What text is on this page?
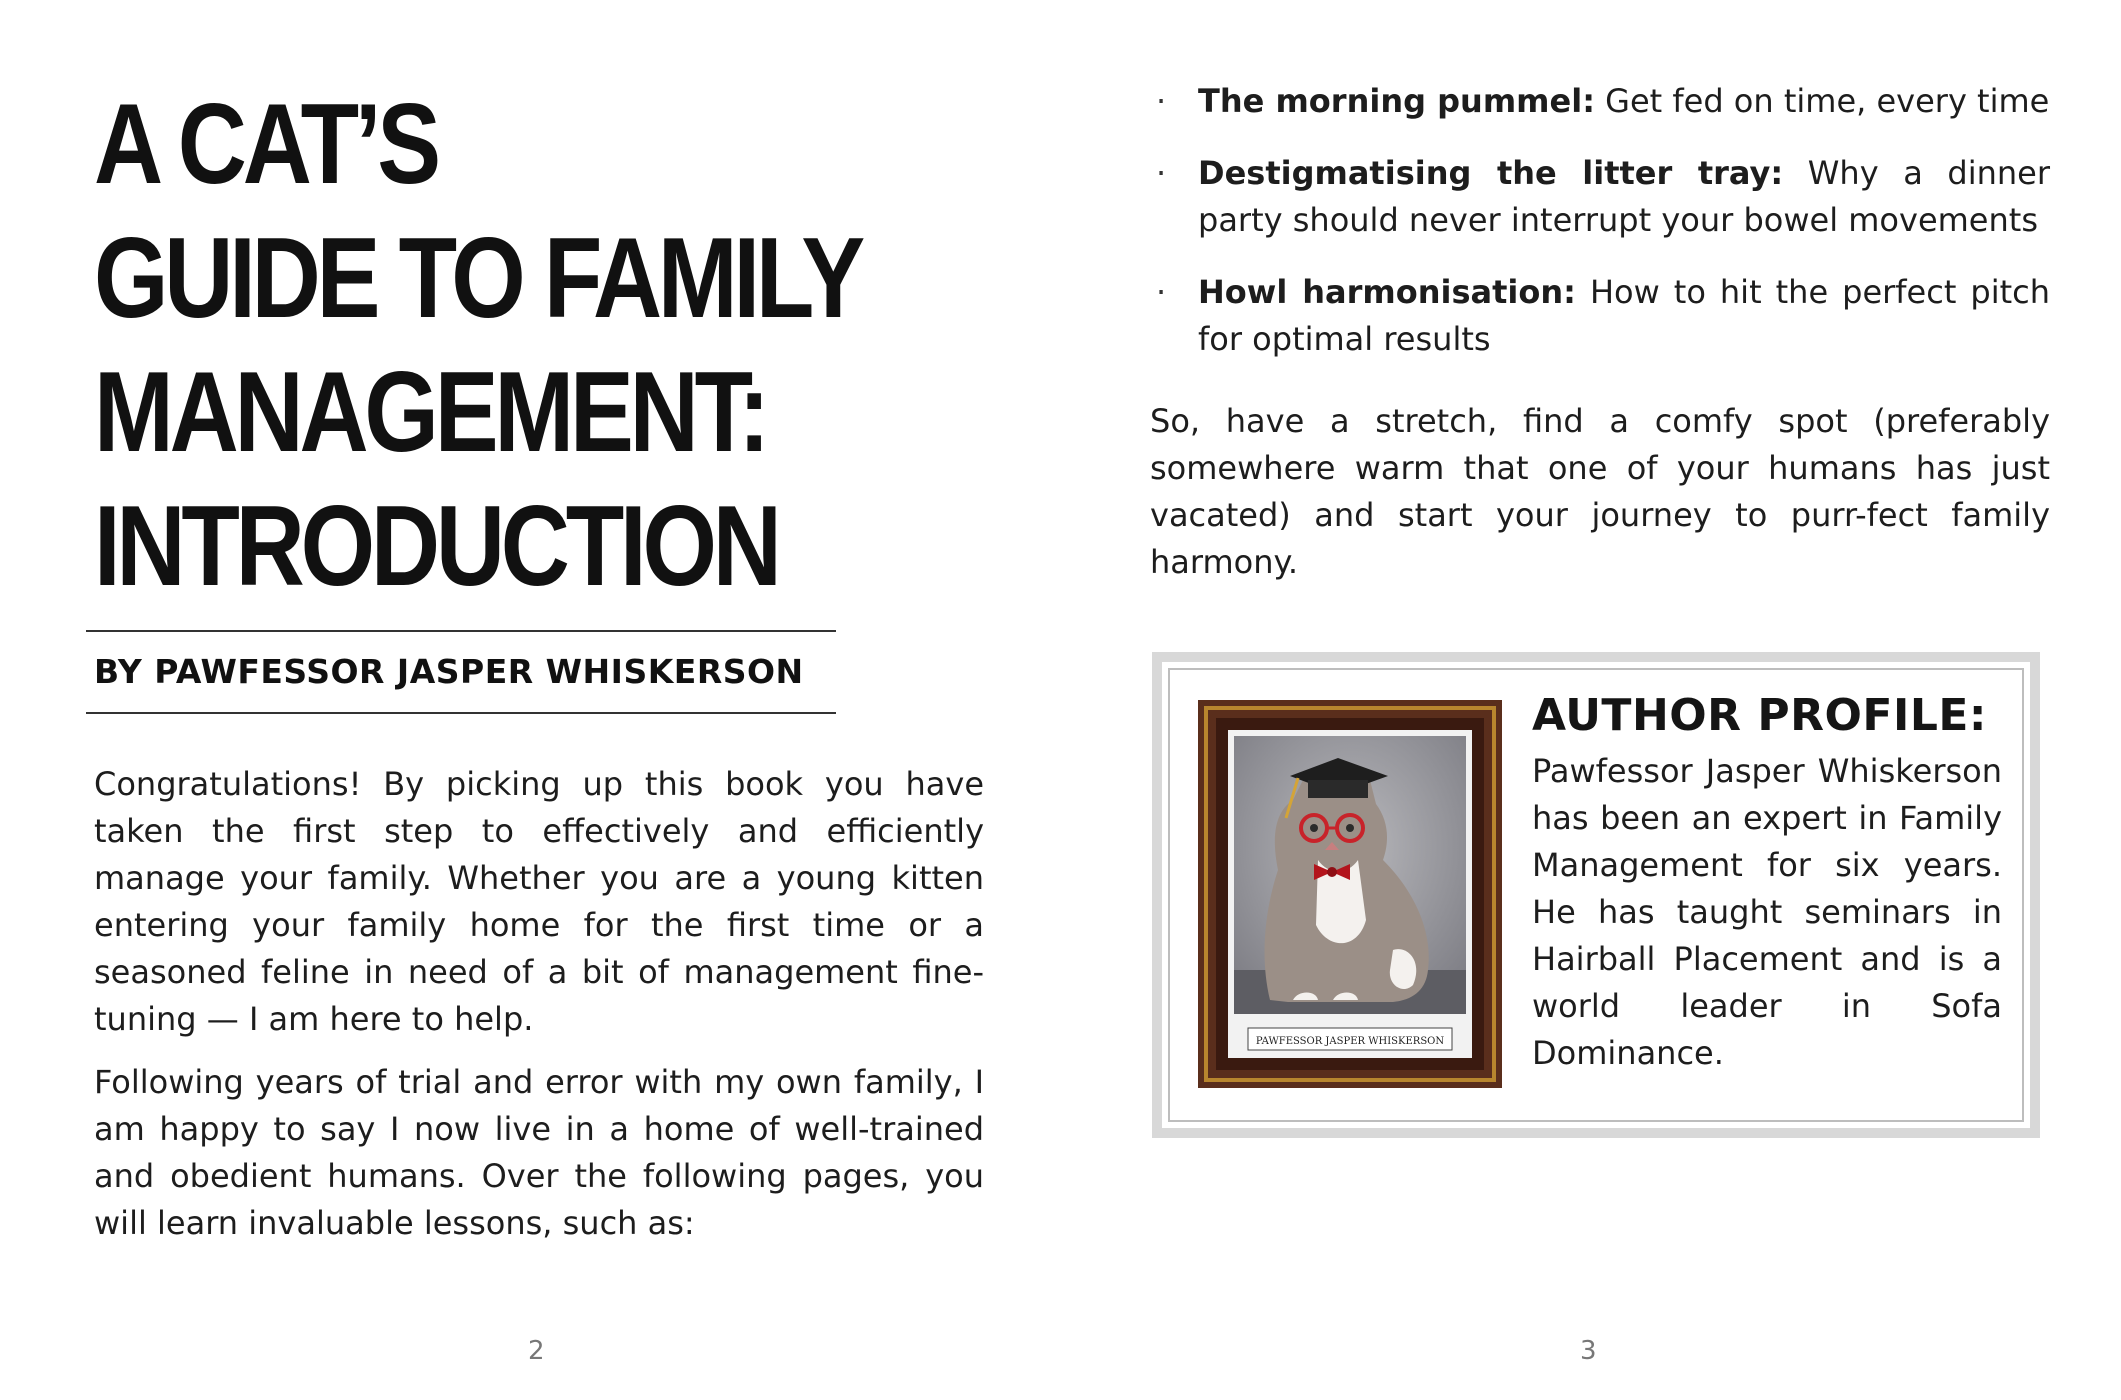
A CAT’S
GUIDE TO FAMILY
MANAGEMENT:
INTRODUCTION

BY PAWFESSOR JASPER WHISKERSON

Congratulations! By picking up this book you have taken the first step to effectively and efficiently manage your family. Whether you are a young kitten entering your family home for the first time or a seasoned feline in need of a bit of management fine-tuning — I am here to help.

Following years of trial and error with my own family, I am happy to say I now live in a home of well-trained and obedient humans. Over the following pages, you will learn invaluable lessons, such as:

2
· The morning pummel: Get fed on time, every time
· Destigmatising the litter tray: Why a dinner party should never interrupt your bowel movements
· Howl harmonisation: How to hit the perfect pitch for optimal results

So, have a stretch, find a comfy spot (preferably somewhere warm that one of your humans has just vacated) and start your journey to purr-fect family harmony.

PAWFESSOR JASPER WHISKERSON
AUTHOR PROFILE:

Pawfessor Jasper Whiskerson has been an expert in Family Management for six years. He has taught seminars in Hairball Placement and is a world leader in Sofa Dominance.

3
